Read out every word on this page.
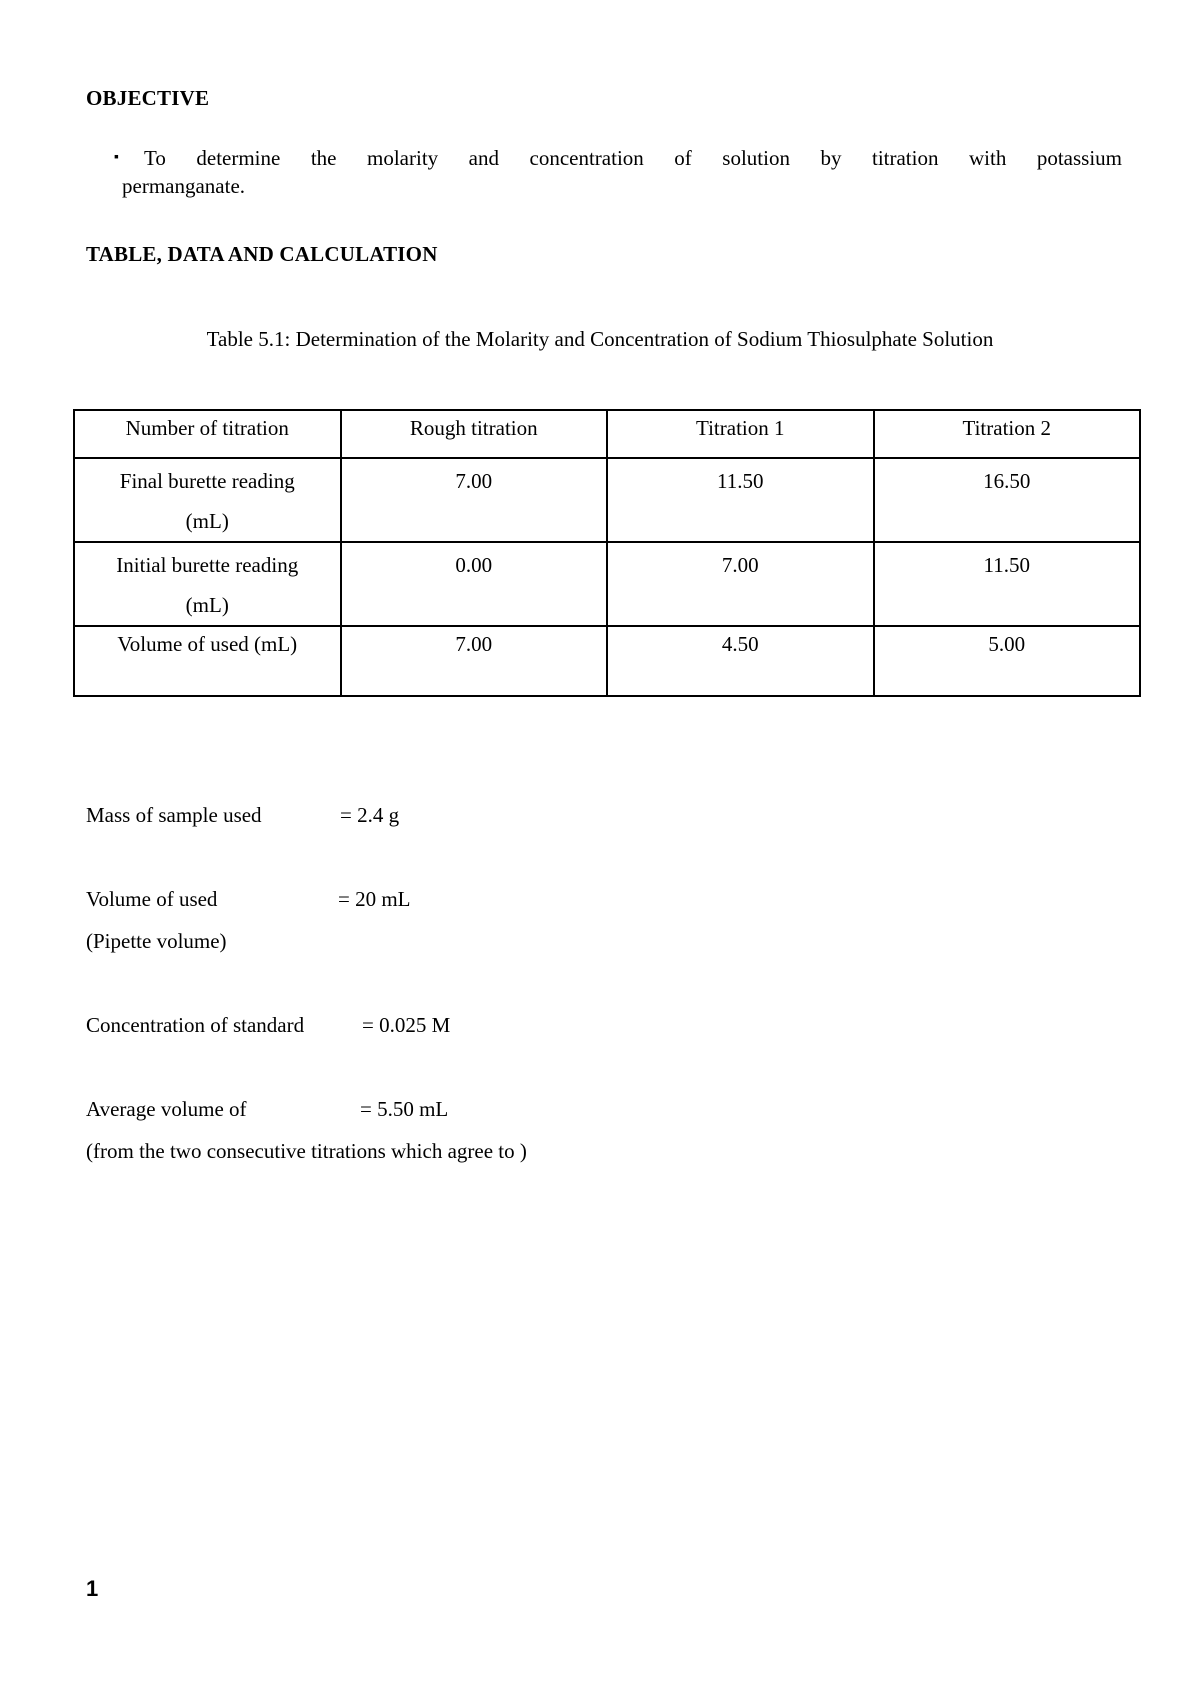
OBJECTIVE
▪	To determine the molarity and concentration of solution by titration with potassium
permanganate.
TABLE, DATA AND CALCULATION
Table 5.1: Determination of the Molarity and Concentration of Sodium Thiosulphate Solution
Number of titration	Rough titration	Titration 1	Titration 2

Final burette reading
(mL)	7.00	11.50	16.50

Initial burette reading
(mL)	0.00	7.00	11.50

Volume of used (mL)	7.00	4.50	5.00
Mass of sample used	= 2.4 g
Volume of used	= 20 mL
(Pipette volume)
Concentration of standard	= 0.025 M
Average volume of	= 5.50 mL
(from the two consecutive titrations which agree to )
1
